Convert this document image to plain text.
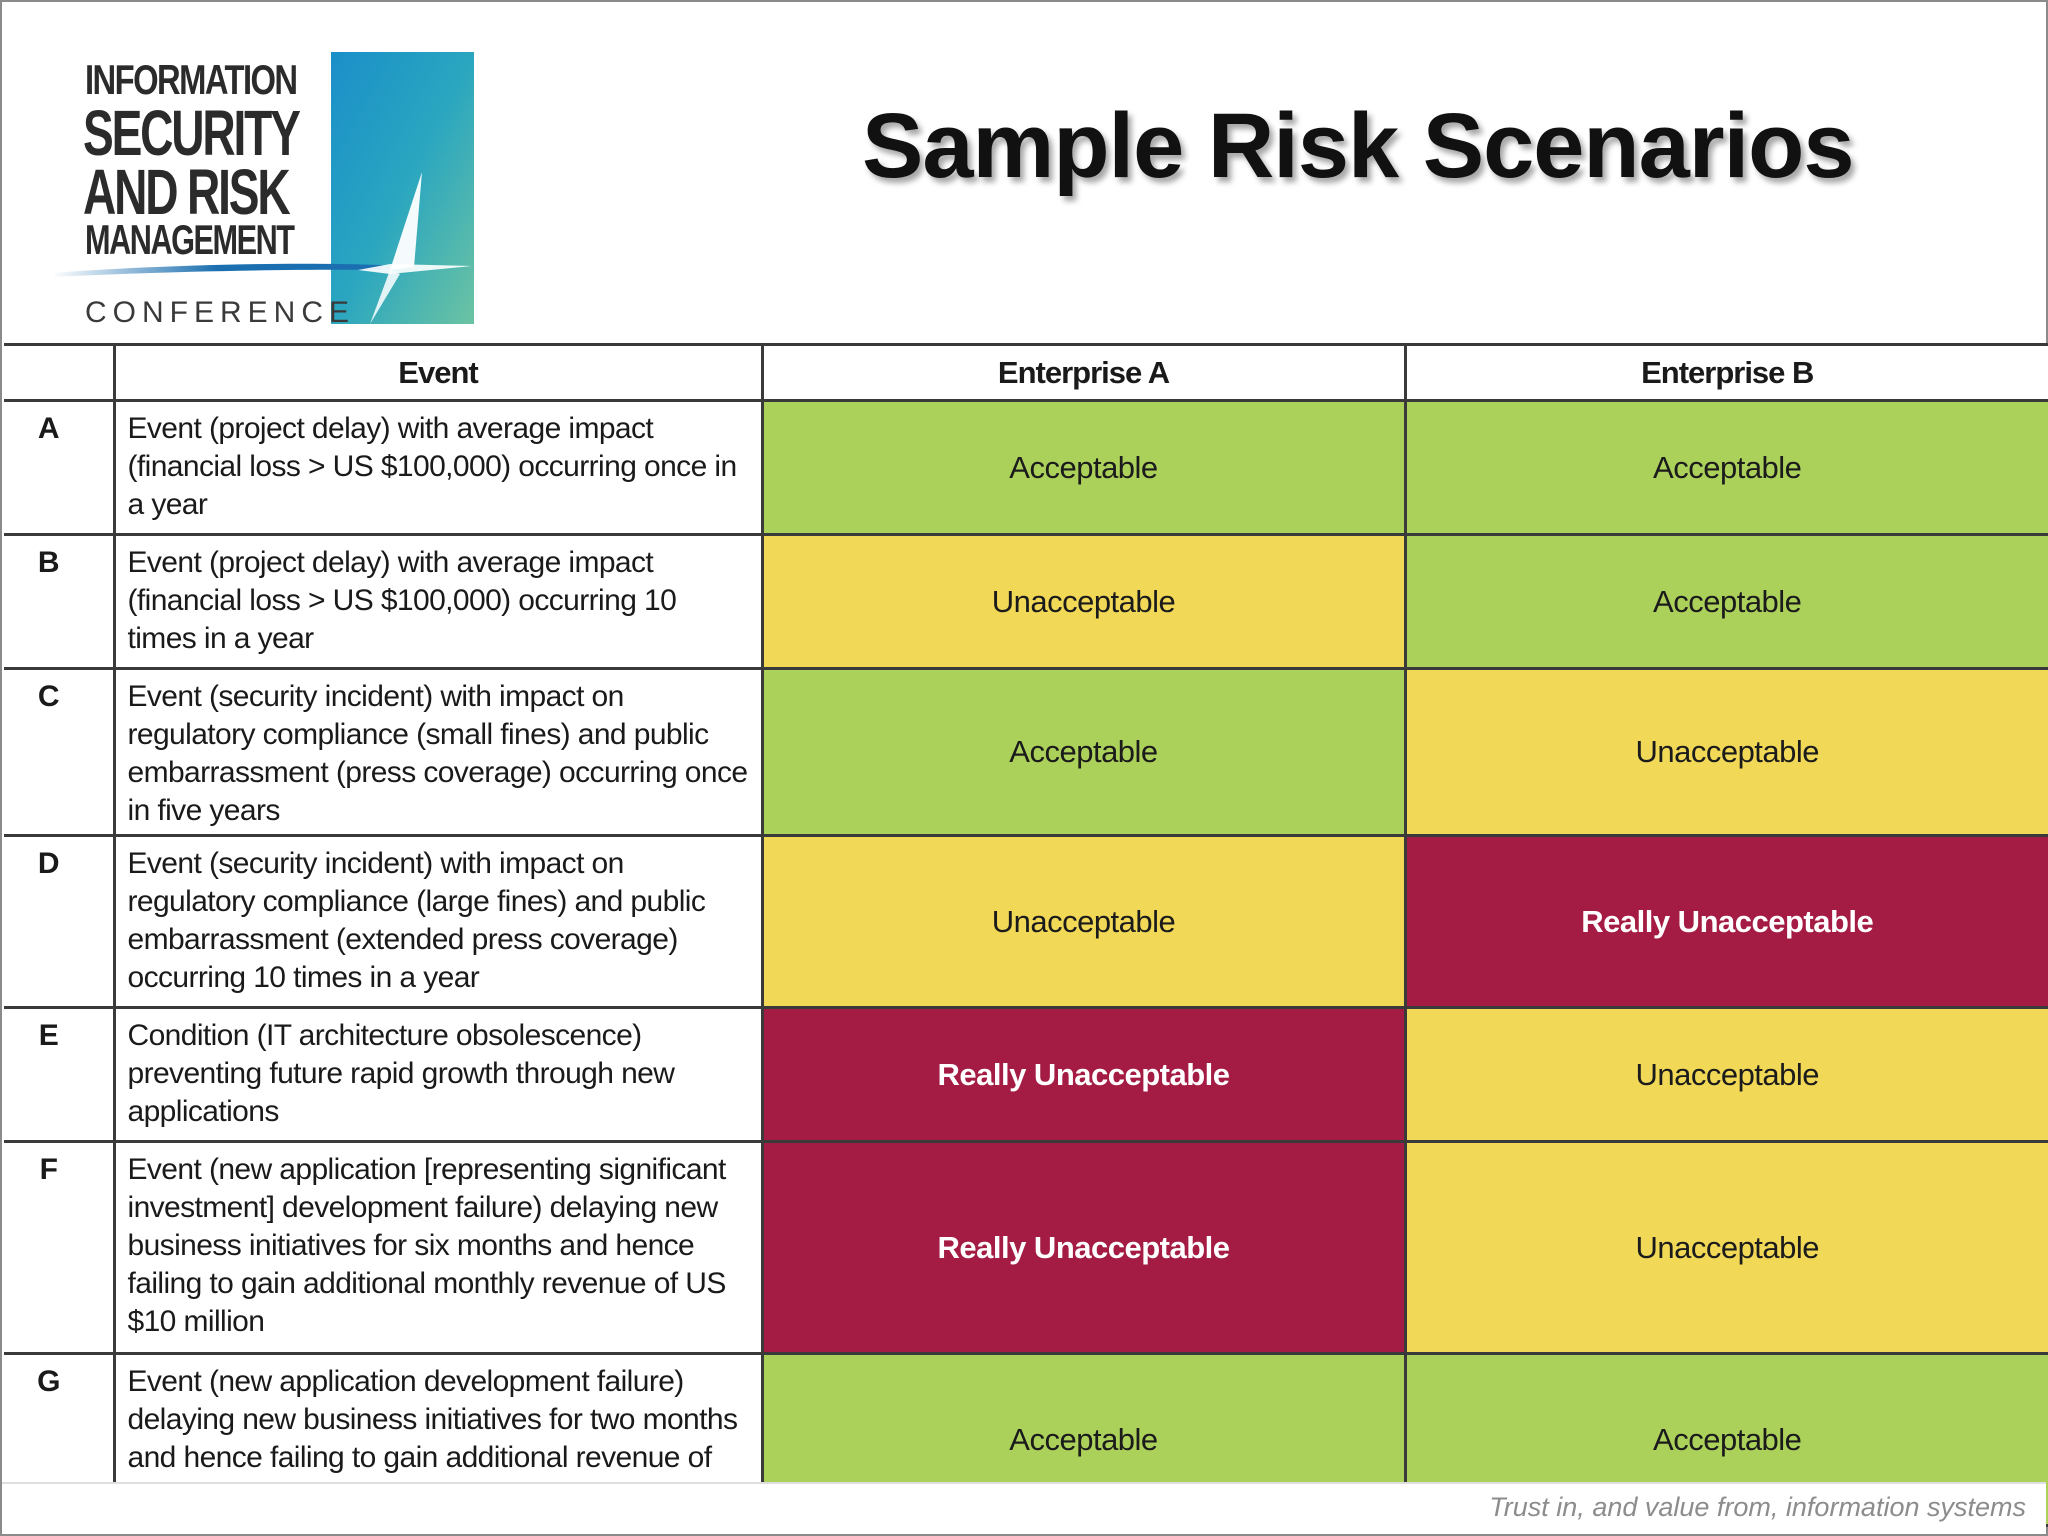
INFORMATION
SECURITY
AND RISK
MANAGEMENT
CONFERENCE
Sample Risk Scenarios
	Event	Enterprise A	Enterprise B
A	Event (project delay) with average impact (financial loss > US $100,000) occurring once in a year	Acceptable	Acceptable
B	Event (project delay) with average impact (financial loss > US $100,000) occurring 10 times in a year	Unacceptable	Acceptable
C	Event (security incident) with impact on regulatory compliance (small fines) and public embarrassment (press coverage) occurring once in five years	Acceptable	Unacceptable
D	Event (security incident) with impact on regulatory compliance (large fines) and public embarrassment (extended press coverage) occurring 10 times in a year	Unacceptable	Really Unacceptable
E	Condition (IT architecture obsolescence) preventing future rapid growth through new applications	Really Unacceptable	Unacceptable
F	Event (new application [representing significant investment] development failure) delaying new business initiatives for six months and hence failing to gain additional monthly revenue of US $10 million	Really Unacceptable	Unacceptable
G	Event (new application development failure) delaying new business initiatives for two months and hence failing to gain additional revenue of	Acceptable	Acceptable
Trust in, and value from, information systems
